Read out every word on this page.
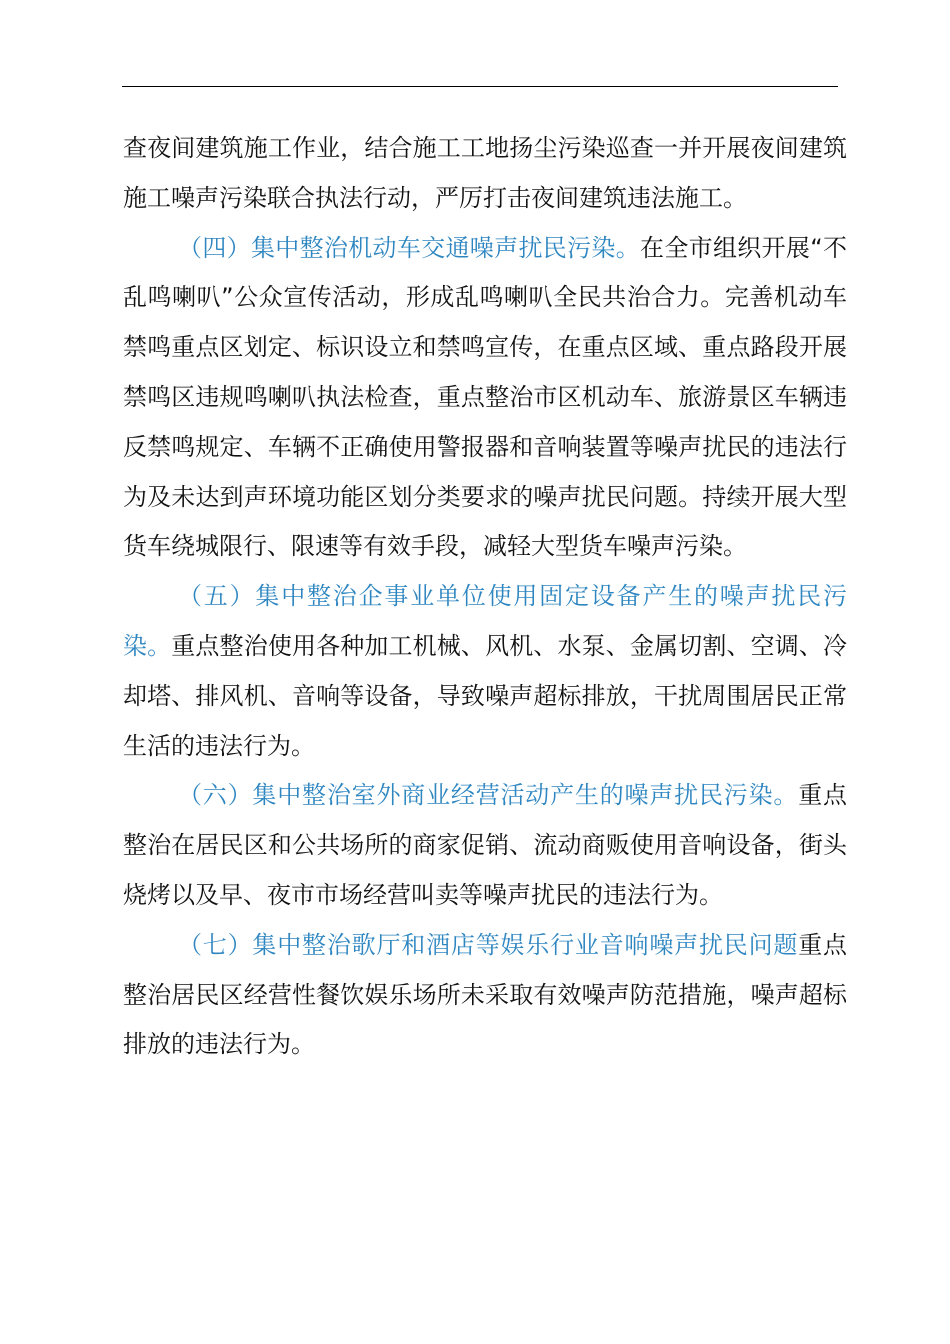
查夜间建筑施工作业，结合施工工地扬尘污染巡查一并开展夜间建筑施工噪声污染联合执法行动，严厉打击夜间建筑违法施工。

（四）集中整治机动车交通噪声扰民污染。在全市组织开展“不乱鸣喇叭”公众宣传活动，形成乱鸣喇叭全民共治合力。完善机动车禁鸣重点区划定、标识设立和禁鸣宣传，在重点区域、重点路段开展禁鸣区违规鸣喇叭执法检查，重点整治市区机动车、旅游景区车辆违反禁鸣规定、车辆不正确使用警报器和音响装置等噪声扰民的违法行为及未达到声环境功能区划分类要求的噪声扰民问题。持续开展大型货车绕城限行、限速等有效手段，减轻大型货车噪声污染。

（五）集中整治企事业单位使用固定设备产生的噪声扰民污染。重点整治使用各种加工机械、风机、水泵、金属切割、空调、冷却塔、排风机、音响等设备，导致噪声超标排放，干扰周围居民正常生活的违法行为。

（六）集中整治室外商业经营活动产生的噪声扰民污染。重点整治在居民区和公共场所的商家促销、流动商贩使用音响设备，街头烧烤以及早、夜市市场经营叫卖等噪声扰民的违法行为。

（七）集中整治歌厅和酒店等娱乐行业音响噪声扰民问题重点整治居民区经营性餐饮娱乐场所未采取有效噪声防范措施，噪声超标排放的违法行为。
